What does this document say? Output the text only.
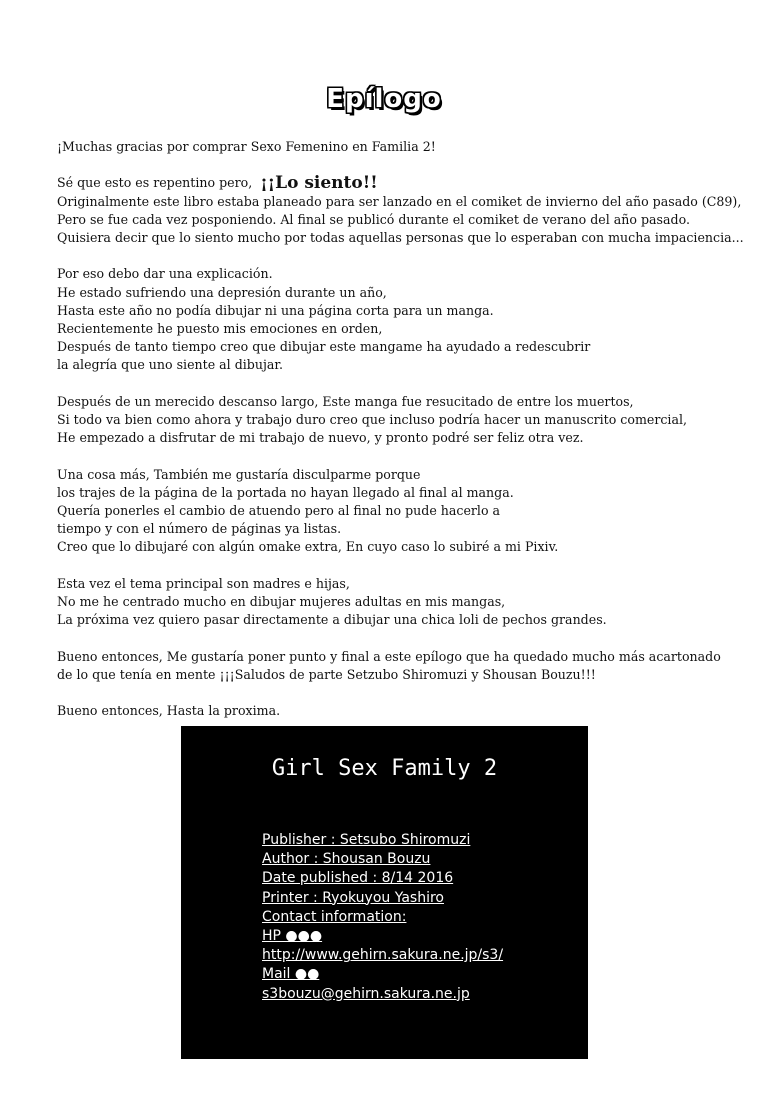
Epílogo
¡Muchas gracias por comprar Sexo Femenino en Familia 2!
Sé que esto es repentino pero, ¡¡Lo siento!!
Originalmente este libro estaba planeado para ser lanzado en el comiket de invierno del año pasado (C89),
Pero se fue cada vez posponiendo. Al final se publicó durante el comiket de verano del año pasado.
Quisiera decir que lo siento mucho por todas aquellas personas que lo esperaban con mucha impaciencia...
Por eso debo dar una explicación.
He estado sufriendo una depresión durante un año,
Hasta este año no podía dibujar ni una página corta para un manga.
Recientemente he puesto mis emociones en orden,
Después de tanto tiempo creo que dibujar este mangame ha ayudado a redescubrir
la alegría que uno siente al dibujar.
Después de un merecido descanso largo, Este manga fue resucitado de entre los muertos,
Si todo va bien como ahora y trabajo duro creo que incluso podría hacer un manuscrito comercial,
He empezado a disfrutar de mi trabajo de nuevo, y pronto podré ser feliz otra vez.
Una cosa más, También me gustaría disculparme porque
los trajes de la página de la portada no hayan llegado al final al manga.
Quería ponerles el cambio de atuendo pero al final no pude hacerlo a
tiempo y con el número de páginas ya listas.
Creo que lo dibujaré con algún omake extra, En cuyo caso lo subiré a mi Pixiv.
Esta vez el tema principal son madres e hijas,
No me he centrado mucho en dibujar mujeres adultas en mis mangas,
La próxima vez quiero pasar directamente a dibujar una chica loli de pechos grandes.
Bueno entonces, Me gustaría poner punto y final a este epílogo que ha quedado mucho más acartonado
de lo que tenía en mente ¡¡¡Saludos de parte Setzubo Shiromuzi y Shousan Bouzu!!!
Bueno entonces, Hasta la proxima.
Girl Sex Family 2
Publisher : Setsubo Shiromuzi
Author : Shousan Bouzu
Date published : 8/14 2016
Printer : Ryokuyou Yashiro
Contact information:
HP ●●●
http://www.gehirn.sakura.ne.jp/s3/
Mail ●●
s3bouzu@gehirn.sakura.ne.jp
